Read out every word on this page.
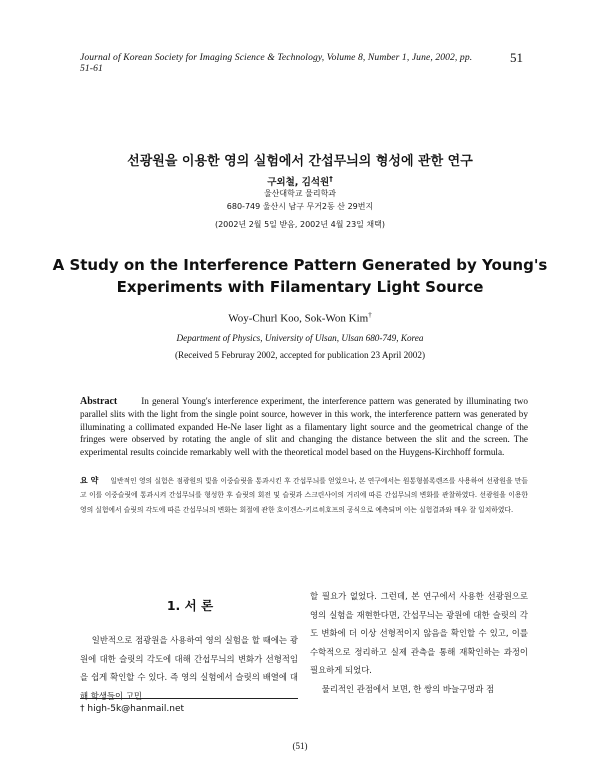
Journal of Korean Society for Imaging Science & Technology, Volume 8, Number 1, June, 2002, pp. 51-61
51
선광원을 이용한 영의 실험에서 간섭무늬의 형성에 관한 연구
구외철, 김석원†
울산대학교 물리학과
680-749 울산시 남구 무거2동 산 29번지
(2002년 2월 5일 받음, 2002년 4월 23일 채택)
A Study on the Interference Pattern Generated by Young's Experiments with Filamentary Light Source
Woy-Churl Koo, Sok-Won Kim†
Department of Physics, University of Ulsan, Ulsan 680-749, Korea
(Received 5 Februray 2002, accepted for publication 23 April 2002)
Abstract	In general Young's interference experiment, the interference pattern was generated by illuminating two parallel slits with the light from the single point source, however in this work, the interference pattern was generated by illuminating a collimated expanded He-Ne laser light as a filamentary light source and the geometrical change of the fringes were observed by rotating the angle of slit and changing the distance between the slit and the screen. The experimental results coincide remarkably well with the theoretical model based on the Huygens-Kirchhoff formula.
요 약 일반적인 영의 실험은 점광원의 빛을 이중슬릿을 통과시킨 후 간섭무늬를 얻었으나, 본 연구에서는 원통형볼록렌즈를 사용하여 선광원을 만들고 이를 이중슬릿에 통과시켜 간섭무늬를 형성한 후 슬릿의 회전 및 슬릿과 스크린사이의 거리에 따른 간섭무늬의 변화를 관찰하였다. 선광원을 이용한 영의 실험에서 슬릿의 각도에 따른 간섭무늬의 변화는 회절에 관한 호이겐스-키르히호프의 공식으로 예측되며 이는 실험결과와 매우 잘 일치하였다.
1. 서 론

일반적으로 점광원을 사용하여 영의 실험을 할 때에는 광원에 대한 슬릿의 각도에 대해 간섭무늬의 변화가 선형적임을 쉽게 확인할 수 있다. 즉 영의 실험에서 슬릿의 배열에 대해 학생들이 고민

할 필요가 없었다. 그런데, 본 연구에서 사용한 선광원으로 영의 실험을 재현한다면, 간섭무늬는 광원에 대한 슬릿의 각도 변화에 더 이상 선형적이지 않음을 확인할 수 있고, 이를 수학적으로 정리하고 실제 관측을 통해 재확인하는 과정이 필요하게 되었다.

물리적인 관점에서 보면, 한 쌍의 바늘구멍과 점

† high-5k@hanmail.net
(51)
